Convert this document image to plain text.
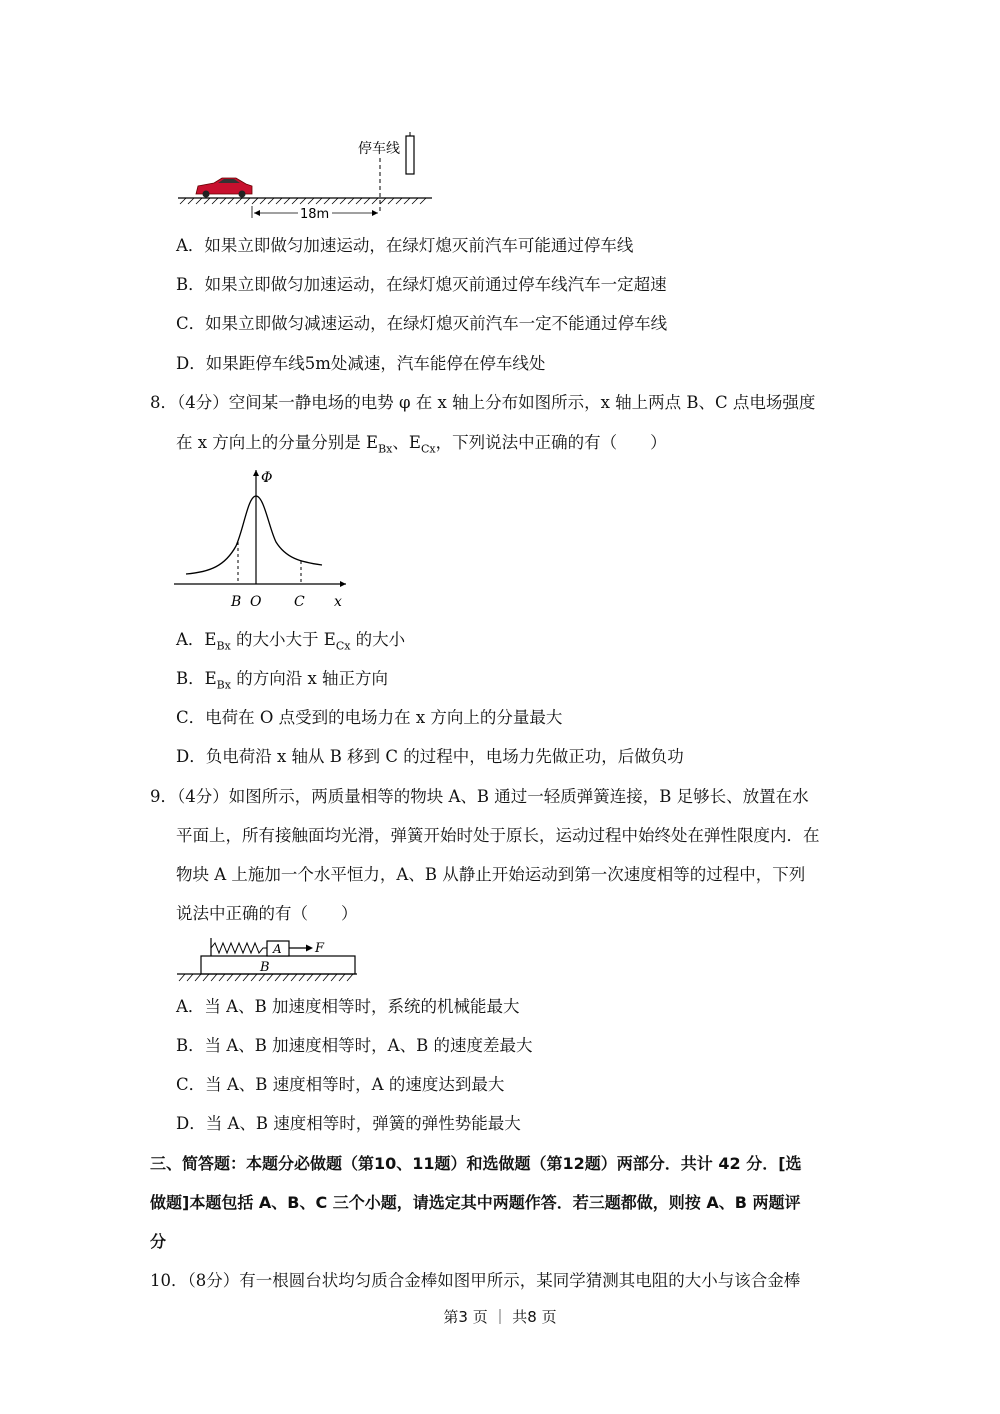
停车线
18m
A．如果立即做匀加速运动，在绿灯熄灭前汽车可能通过停车线
B．如果立即做匀加速运动，在绿灯熄灭前通过停车线汽车一定超速
C．如果立即做匀减速运动，在绿灯熄灭前汽车一定不能通过停车线
D．如果距停车线5m处减速，汽车能停在停车线处
8．（4分）空间某一静电场的电势 φ 在 x 轴上分布如图所示，x 轴上两点 B、C 点电场强度
在 x 方向上的分量分别是 $E_{Bx}$、$E_{Cx}$，下列说法中正确的有（　　）
Φ
B O C x
A．$E_{Bx}$ 的大小大于 $E_{Cx}$ 的大小
B．$E_{Bx}$ 的方向沿 x 轴正方向
C．电荷在 O 点受到的电场力在 x 方向上的分量最大
D．负电荷沿 x 轴从 B 移到 C 的过程中，电场力先做正功，后做负功
9．（4分）如图所示，两质量相等的物块 A、B 通过一轻质弹簧连接，B 足够长、放置在水
平面上，所有接触面均光滑，弹簧开始时处于原长，运动过程中始终处在弹性限度内．在
物块 A 上施加一个水平恒力，A、B 从静止开始运动到第一次速度相等的过程中，下列
说法中正确的有（　　）
B
A	F
A．当 A、B 加速度相等时，系统的机械能最大
B．当 A、B 加速度相等时，A、B 的速度差最大
C．当 A、B 速度相等时，A 的速度达到最大
D．当 A、B 速度相等时，弹簧的弹性势能最大
三、简答题：本题分必做题（第10、11题）和选做题（第12题）两部分．共计 42 分．[选
做题]本题包括 A、B、C 三个小题，请选定其中两题作答．若三题都做，则按 A、B 两题评
分
10．（8分）有一根圆台状均匀质合金棒如图甲所示，某同学猜测其电阻的大小与该合金棒
第3 页 ｜ 共8 页
